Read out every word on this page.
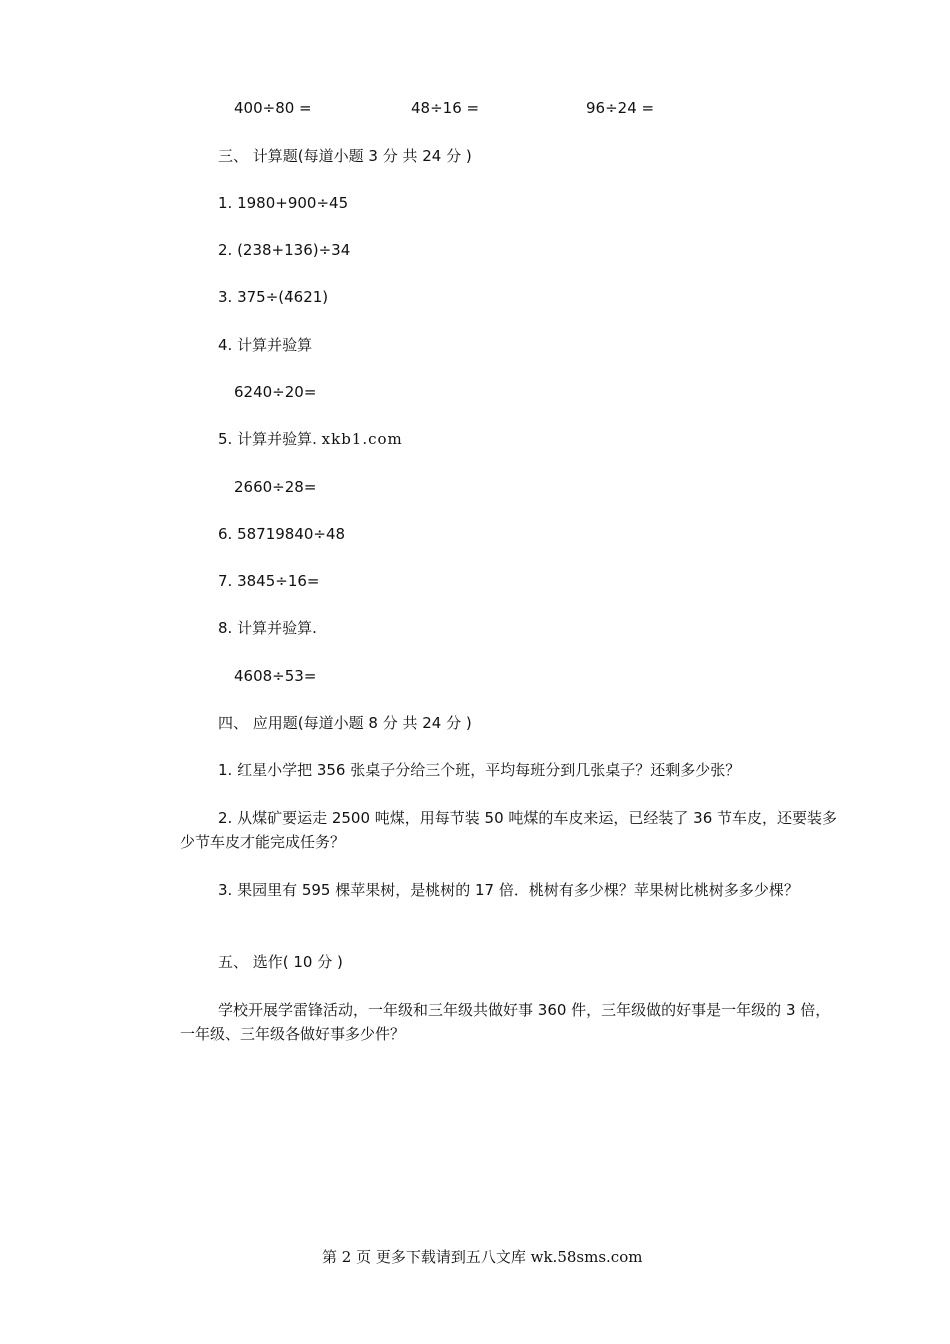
400÷80 =	48÷16 =	96÷24 =
三、 计算题(每道小题 3 分 共 24 分 )
1. 1980+900÷45
2. (238+136)÷34
3. 375÷(4̄621)
4. 计算并验算
6240÷20=
5. 计算并验算. xkb1.com
2660÷28=
6. 587̄19840÷48
7. 3845÷16=
8. 计算并验算.
4608÷53=
四、 应用题(每道小题 8 分 共 24 分 )
1. 红星小学把 356 张桌子分给三个班，平均每班分到几张桌子？还剩多少张？
2. 从煤矿要运走 2500 吨煤，用每节装 50 吨煤的车皮来运，已经装了 36 节车皮，还要装多少节车皮才能完成任务？
3. 果园里有 595 棵苹果树，是桃树的 17 倍．桃树有多少棵？苹果树比桃树多多少棵？
五、 选作( 10 分 )
学校开展学雷锋活动，一年级和三年级共做好事 360 件，三年级做的好事是一年级的 3 倍，一年级、三年级各做好事多少件？
第 2 页 更多下载请到五八文库 wk.58sms.com
